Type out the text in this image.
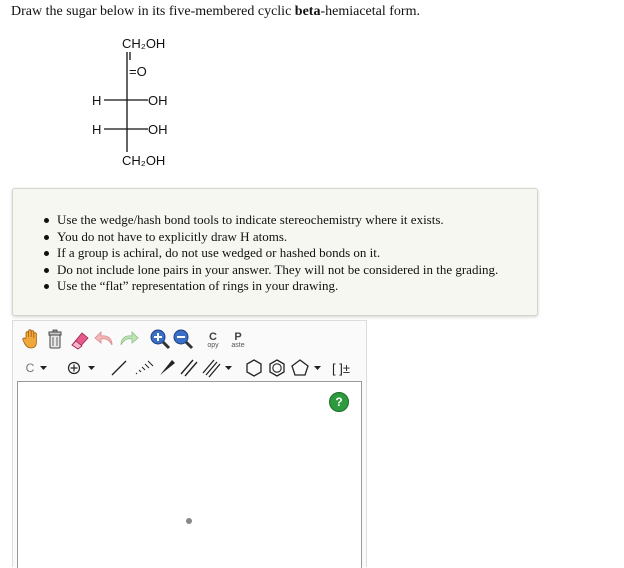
Draw the sugar below in its five-membered cyclic beta-hemiacetal form.
CH₂OH
=O
H	OH
H	OH
CH₂OH
Use the wedge/hash bond tools to indicate stereochemistry where it exists.
You do not have to explicitly draw H atoms.
If a group is achiral, do not use wedged or hashed bonds on it.
Do not include lone pairs in your answer. They will not be considered in the grading.
Use the “flat” representation of rings in your drawing.
C
opy
P
aste
C	[ ]±
?
